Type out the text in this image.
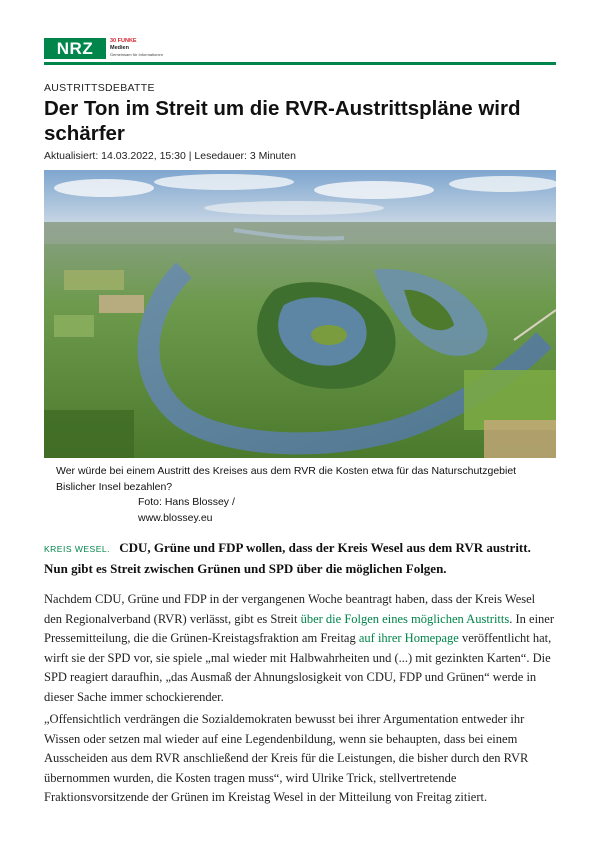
NRZ	30 FUNKE
Medien
Gemeinsam für Informationen
AUSTRITTSDEBATTE
Der Ton im Streit um die RVR-Austrittspläne wird schärfer
Aktualisiert: 14.03.2022, 15:30 | Lesedauer: 3 Minuten
Wer würde bei einem Austritt des Kreises aus dem RVR die Kosten etwa für das Naturschutzgebiet Bislicher Insel bezahlen?
Foto: Hans Blossey / www.blossey.eu

KREIS WESEL. CDU, Grüne und FDP wollen, dass der Kreis Wesel aus dem RVR austritt. Nun gibt es Streit zwischen Grünen und SPD über die möglichen Folgen.

Nachdem CDU, Grüne und FDP in der vergangenen Woche beantragt haben, dass der Kreis Wesel den Regionalverband (RVR) verlässt, gibt es Streit über die Folgen eines möglichen Austritts. In einer Pressemitteilung, die die Grünen-Kreistagsfraktion am Freitag auf ihrer Homepage veröffentlicht hat, wirft sie der SPD vor, sie spiele „mal wieder mit Halbwahrheiten und (...) mit gezinkten Karten“. Die SPD reagiert daraufhin, „das Ausmaß der Ahnungslosigkeit von CDU, FDP und Grünen“ werde in dieser Sache immer schockierender.

„Offensichtlich verdrängen die Sozialdemokraten bewusst bei ihrer Argumentation entweder ihr Wissen oder setzen mal wieder auf eine Legendenbildung, wenn sie behaupten, dass bei einem Ausscheiden aus dem RVR anschließend der Kreis für die Leistungen, die bisher durch den RVR übernommen wurden, die Kosten tragen muss“, wird Ulrike Trick, stellvertretende Fraktionsvorsitzende der Grünen im Kreistag Wesel in der Mitteilung von Freitag zitiert.
